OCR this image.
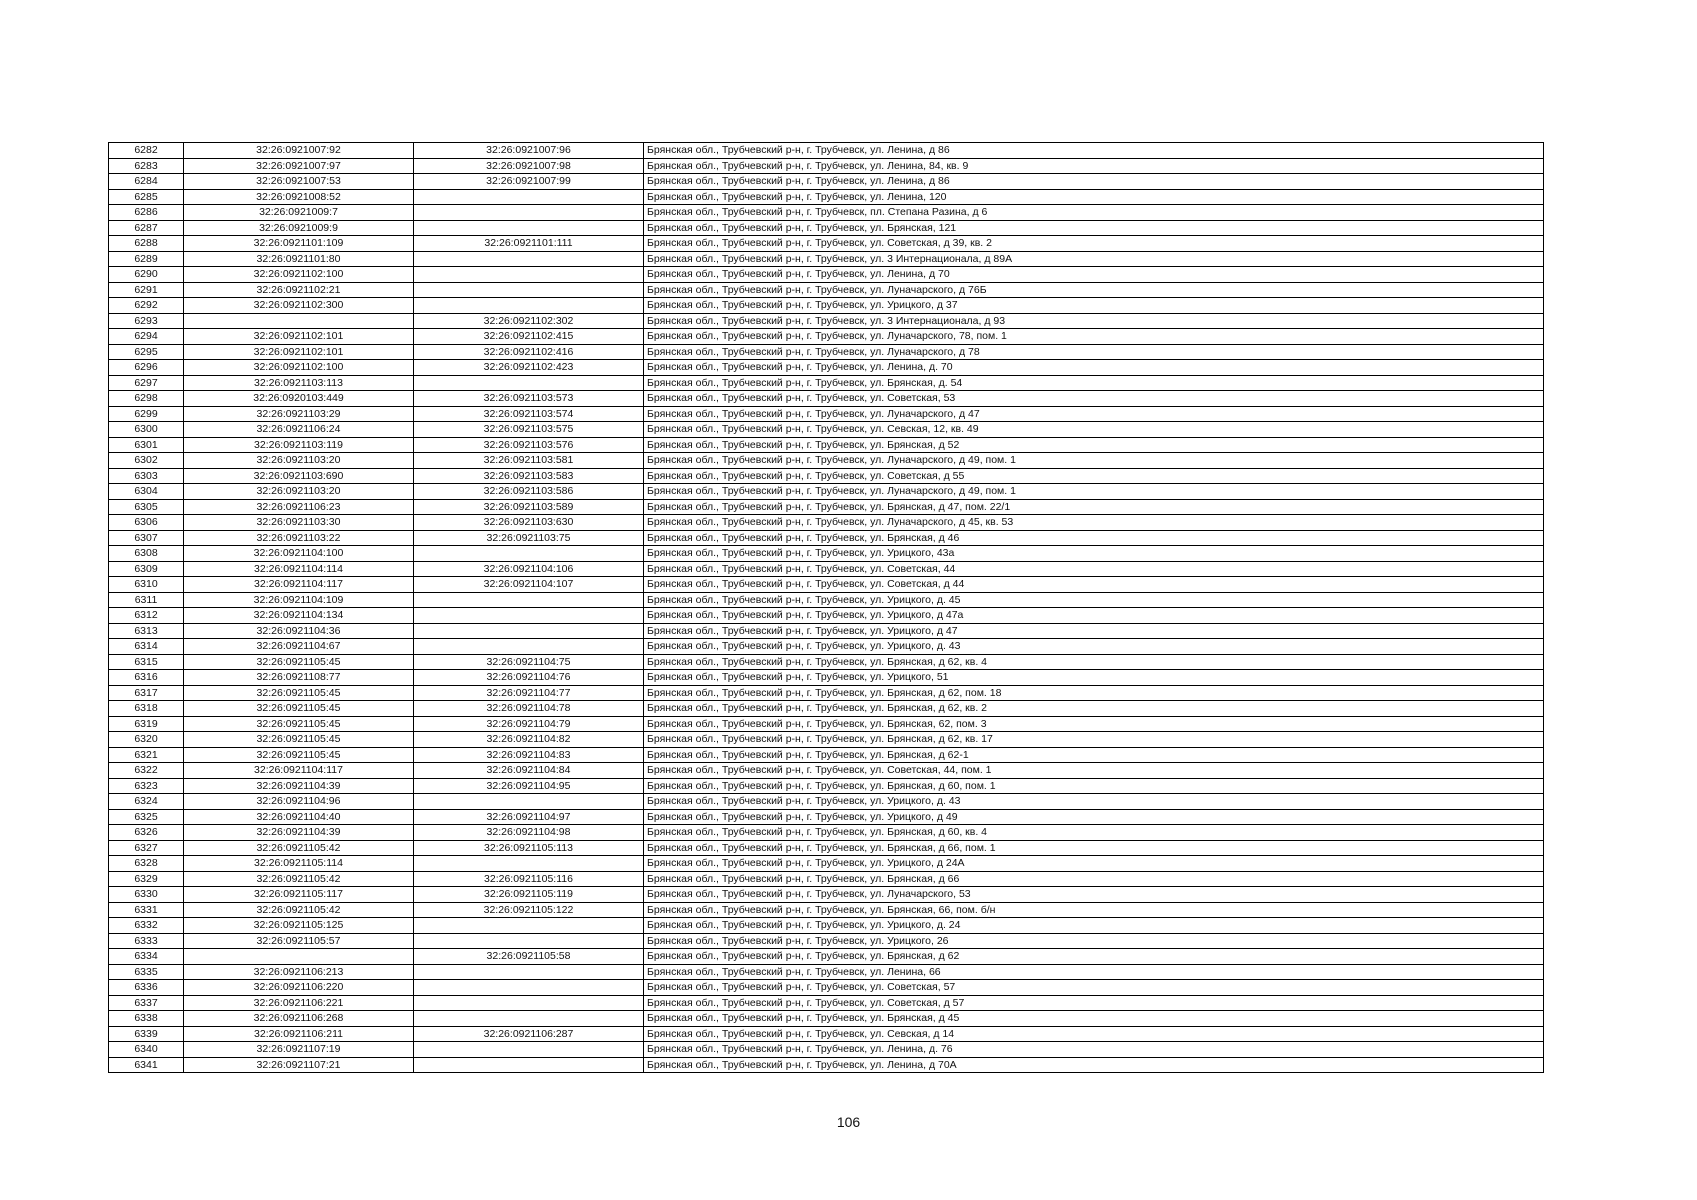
6282	32:26:0921007:92	32:26:0921007:96	Брянская обл., Трубчевский р-н, г. Трубчевск, ул. Ленина, д 86
6283	32:26:0921007:97	32:26:0921007:98	Брянская обл., Трубчевский р-н, г. Трубчевск, ул. Ленина, 84, кв. 9
6284	32:26:0921007:53	32:26:0921007:99	Брянская обл., Трубчевский р-н, г. Трубчевск, ул. Ленина, д 86
6285	32:26:0921008:52		Брянская обл., Трубчевский р-н, г. Трубчевск, ул. Ленина, 120
6286	32:26:0921009:7		Брянская обл., Трубчевский р-н, г. Трубчевск, пл. Степана Разина, д 6
6287	32:26:0921009:9		Брянская обл., Трубчевский р-н, г. Трубчевск, ул. Брянская, 121
6288	32:26:0921101:109	32:26:0921101:111	Брянская обл., Трубчевский р-н, г. Трубчевск, ул. Советская, д 39, кв. 2
6289	32:26:0921101:80		Брянская обл., Трубчевский р-н, г. Трубчевск, ул. 3 Интернационала, д 89А
6290	32:26:0921102:100		Брянская обл., Трубчевский р-н, г. Трубчевск, ул. Ленина, д 70
6291	32:26:0921102:21		Брянская обл., Трубчевский р-н, г. Трубчевск, ул. Луначарского, д 76Б
6292	32:26:0921102:300		Брянская обл., Трубчевский р-н, г. Трубчевск, ул. Урицкого, д 37
6293		32:26:0921102:302	Брянская обл., Трубчевский р-н, г. Трубчевск, ул. 3 Интернационала, д 93
6294	32:26:0921102:101	32:26:0921102:415	Брянская обл., Трубчевский р-н, г. Трубчевск, ул. Луначарского, 78, пом. 1
6295	32:26:0921102:101	32:26:0921102:416	Брянская обл., Трубчевский р-н, г. Трубчевск, ул. Луначарского, д 78
6296	32:26:0921102:100	32:26:0921102:423	Брянская обл., Трубчевский р-н, г. Трубчевск, ул. Ленина, д. 70
6297	32:26:0921103:113		Брянская обл., Трубчевский р-н, г. Трубчевск, ул. Брянская, д. 54
6298	32:26:0920103:449	32:26:0921103:573	Брянская обл., Трубчевский р-н, г. Трубчевск, ул. Советская, 53
6299	32:26:0921103:29	32:26:0921103:574	Брянская обл., Трубчевский р-н, г. Трубчевск, ул. Луначарского, д 47
6300	32:26:0921106:24	32:26:0921103:575	Брянская обл., Трубчевский р-н, г. Трубчевск, ул. Севская, 12, кв. 49
6301	32:26:0921103:119	32:26:0921103:576	Брянская обл., Трубчевский р-н, г. Трубчевск, ул. Брянская, д 52
6302	32:26:0921103:20	32:26:0921103:581	Брянская обл., Трубчевский р-н, г. Трубчевск, ул. Луначарского, д 49, пом. 1
6303	32:26:0921103:690	32:26:0921103:583	Брянская обл., Трубчевский р-н, г. Трубчевск, ул. Советская, д 55
6304	32:26:0921103:20	32:26:0921103:586	Брянская обл., Трубчевский р-н, г. Трубчевск, ул. Луначарского, д 49, пом. 1
6305	32:26:0921106:23	32:26:0921103:589	Брянская обл., Трубчевский р-н, г. Трубчевск, ул. Брянская, д 47, пом. 22/1
6306	32:26:0921103:30	32:26:0921103:630	Брянская обл., Трубчевский р-н, г. Трубчевск, ул. Луначарского, д 45, кв. 53
6307	32:26:0921103:22	32:26:0921103:75	Брянская обл., Трубчевский р-н, г. Трубчевск, ул. Брянская, д 46
6308	32:26:0921104:100		Брянская обл., Трубчевский р-н, г. Трубчевск, ул. Урицкого, 43а
6309	32:26:0921104:114	32:26:0921104:106	Брянская обл., Трубчевский р-н, г. Трубчевск, ул. Советская, 44
6310	32:26:0921104:117	32:26:0921104:107	Брянская обл., Трубчевский р-н, г. Трубчевск, ул. Советская, д 44
6311	32:26:0921104:109		Брянская обл., Трубчевский р-н, г. Трубчевск, ул. Урицкого, д. 45
6312	32:26:0921104:134		Брянская обл., Трубчевский р-н, г. Трубчевск, ул. Урицкого, д 47а
6313	32:26:0921104:36		Брянская обл., Трубчевский р-н, г. Трубчевск, ул. Урицкого, д 47
6314	32:26:0921104:67		Брянская обл., Трубчевский р-н, г. Трубчевск, ул. Урицкого, д. 43
6315	32:26:0921105:45	32:26:0921104:75	Брянская обл., Трубчевский р-н, г. Трубчевск, ул. Брянская, д 62, кв. 4
6316	32:26:0921108:77	32:26:0921104:76	Брянская обл., Трубчевский р-н, г. Трубчевск, ул. Урицкого, 51
6317	32:26:0921105:45	32:26:0921104:77	Брянская обл., Трубчевский р-н, г. Трубчевск, ул. Брянская, д 62, пом. 18
6318	32:26:0921105:45	32:26:0921104:78	Брянская обл., Трубчевский р-н, г. Трубчевск, ул. Брянская, д 62, кв. 2
6319	32:26:0921105:45	32:26:0921104:79	Брянская обл., Трубчевский р-н, г. Трубчевск, ул. Брянская, 62, пом. 3
6320	32:26:0921105:45	32:26:0921104:82	Брянская обл., Трубчевский р-н, г. Трубчевск, ул. Брянская, д 62, кв. 17
6321	32:26:0921105:45	32:26:0921104:83	Брянская обл., Трубчевский р-н, г. Трубчевск, ул. Брянская, д 62-1
6322	32:26:0921104:117	32:26:0921104:84	Брянская обл., Трубчевский р-н, г. Трубчевск, ул. Советская, 44, пом. 1
6323	32:26:0921104:39	32:26:0921104:95	Брянская обл., Трубчевский р-н, г. Трубчевск, ул. Брянская, д 60, пом. 1
6324	32:26:0921104:96		Брянская обл., Трубчевский р-н, г. Трубчевск, ул. Урицкого, д. 43
6325	32:26:0921104:40	32:26:0921104:97	Брянская обл., Трубчевский р-н, г. Трубчевск, ул. Урицкого, д 49
6326	32:26:0921104:39	32:26:0921104:98	Брянская обл., Трубчевский р-н, г. Трубчевск, ул. Брянская, д 60, кв. 4
6327	32:26:0921105:42	32:26:0921105:113	Брянская обл., Трубчевский р-н, г. Трубчевск, ул. Брянская, д 66, пом. 1
6328	32:26:0921105:114		Брянская обл., Трубчевский р-н, г. Трубчевск, ул. Урицкого, д 24А
6329	32:26:0921105:42	32:26:0921105:116	Брянская обл., Трубчевский р-н, г. Трубчевск, ул. Брянская, д 66
6330	32:26:0921105:117	32:26:0921105:119	Брянская обл., Трубчевский р-н, г. Трубчевск, ул. Луначарского, 53
6331	32:26:0921105:42	32:26:0921105:122	Брянская обл., Трубчевский р-н, г. Трубчевск, ул. Брянская, 66, пом. б/н
6332	32:26:0921105:125		Брянская обл., Трубчевский р-н, г. Трубчевск, ул. Урицкого, д. 24
6333	32:26:0921105:57		Брянская обл., Трубчевский р-н, г. Трубчевск, ул. Урицкого, 26
6334		32:26:0921105:58	Брянская обл., Трубчевский р-н, г. Трубчевск, ул. Брянская, д 62
6335	32:26:0921106:213		Брянская обл., Трубчевский р-н, г. Трубчевск, ул. Ленина, 66
6336	32:26:0921106:220		Брянская обл., Трубчевский р-н, г. Трубчевск, ул. Советская, 57
6337	32:26:0921106:221		Брянская обл., Трубчевский р-н, г. Трубчевск, ул. Советская, д 57
6338	32:26:0921106:268		Брянская обл., Трубчевский р-н, г. Трубчевск, ул. Брянская, д 45
6339	32:26:0921106:211	32:26:0921106:287	Брянская обл., Трубчевский р-н, г. Трубчевск, ул. Севская, д 14
6340	32:26:0921107:19		Брянская обл., Трубчевский р-н, г. Трубчевск, ул. Ленина, д. 76
6341	32:26:0921107:21		Брянская обл., Трубчевский р-н, г. Трубчевск, ул. Ленина, д 70А
106
